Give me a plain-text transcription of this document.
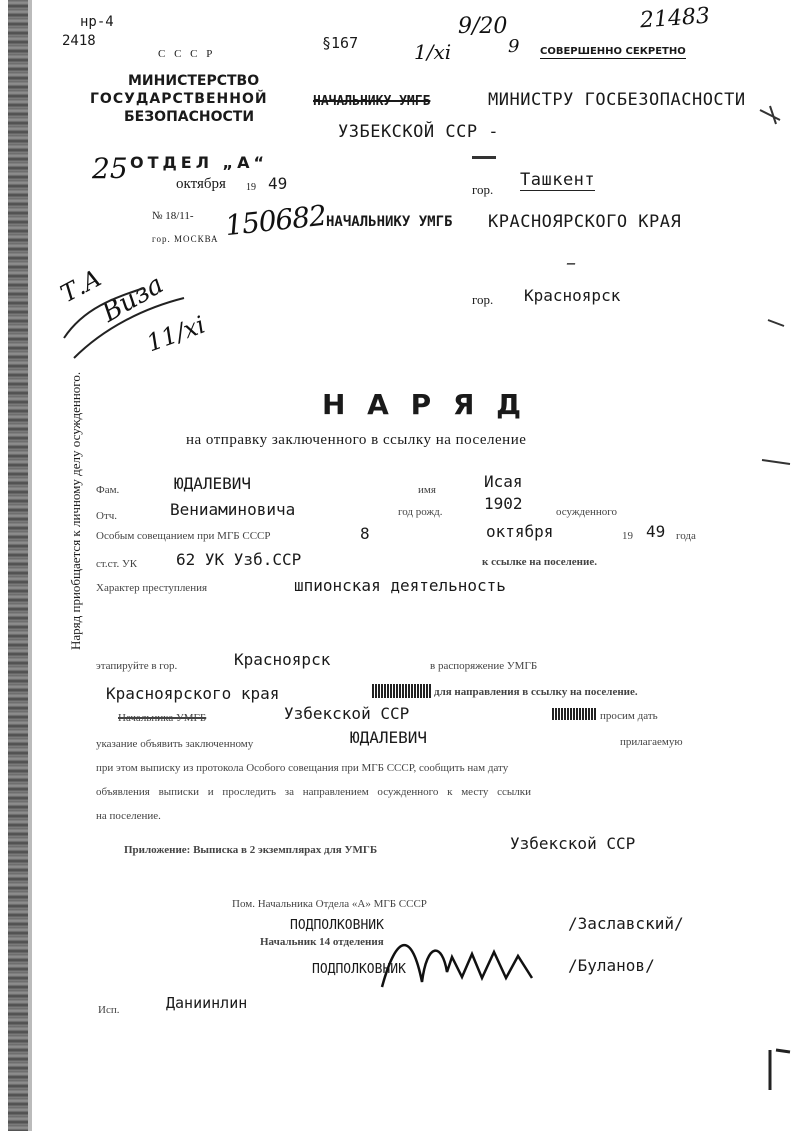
нр-4
2418
С С С Р
МИНИСТЕРСТВО
ГОСУДАРСТВЕННОЙ
БЕЗОПАСНОСТИ
25 ОТДЕЛ „А“
октября 19 49
№ 18/11-
гор. МОСКВА 150682
§167	1/xi
9/20
9
21483
СОВЕРШЕННО СЕКРЕТНО
НАЧАЛЬНИКУ УМГБ	МИНИСТРУ ГОСБЕЗОПАСНОСТИ
УЗБЕКСКОЙ ССР -
гор. Ташкент
НАЧАЛЬНИКУ УМГБ КРАСНОЯРСКОГО КРАЯ
–
гор. Красноярск
Т.А
Виза
11/xi
Н А Р Я Д
на отправку заключенного в ссылку на поселение
Фам.	ЮДАЛЕВИЧ	имя	Исая
Отч.	Вениаминовича	год рожд.	1902	осужденного
Особым совещанием при МГБ СССР	8	октября	19 49 года
ст.ст. УК 62 УК Узб.ССР	к ссылке на поселение.
Характер преступления	шпионская деятельность
этапируйте в гор.	Красноярск	в распоряжение УМГБ
Красноярского края	для направления в ссылку на поселение.
Начальника УМГБ	Узбекской ССР	просим дать
указание объявить заключенному	ЮДАЛЕВИЧ	прилагаемую
при этом выписку из протокола Особого совещания при МГБ СССР, сообщить нам дату
объявления выписки и проследить за направлением осужденного к месту ссылки
на поселение.
Приложение: Выписка в 2 экземплярах для УМГБ	Узбекской ССР
Пом. Начальника Отдела «А» МГБ СССР
ПОДПОЛКОВНИК	/Заславский/
Начальник 14 отделения
ПОДПОЛКОВНИК	/Буланов/
Исп.	Даниинлин
Наряд приобщается к личному делу осужденного.
